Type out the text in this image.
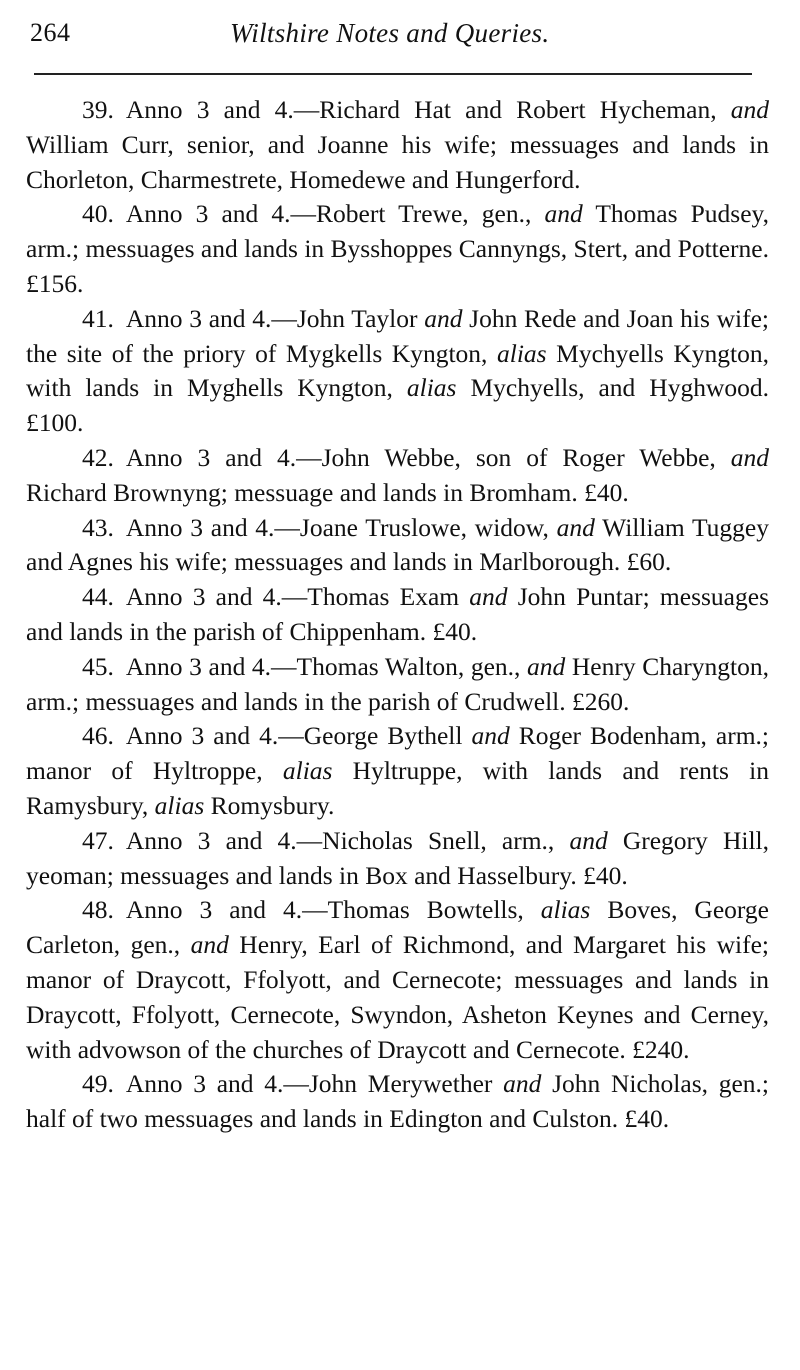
264	Wiltshire Notes and Queries.

39. Anno 3 and 4.—Richard Hat and Robert Hycheman, and William Curr, senior, and Joanne his wife; messuages and lands in Chorleton, Charmestrete, Homedewe and Hungerford.

40. Anno 3 and 4.—Robert Trewe, gen., and Thomas Pudsey, arm.; messuages and lands in Bysshoppes Cannyngs, Stert, and Potterne. £156.

41. Anno 3 and 4.—John Taylor and John Rede and Joan his wife; the site of the priory of Mygkells Kyngton, alias Mychyells Kyngton, with lands in Myghells Kyngton, alias Mychyells, and Hyghwood. £100.

42. Anno 3 and 4.—John Webbe, son of Roger Webbe, and Richard Brownyng; messuage and lands in Bromham. £40.

43. Anno 3 and 4.—Joane Truslowe, widow, and William Tuggey and Agnes his wife; messuages and lands in Marlborough. £60.

44. Anno 3 and 4.—Thomas Exam and John Puntar; messuages and lands in the parish of Chippenham. £40.

45. Anno 3 and 4.—Thomas Walton, gen., and Henry Charyngton, arm.; messuages and lands in the parish of Crudwell. £260.

46. Anno 3 and 4.—George Bythell and Roger Bodenham, arm.; manor of Hyltroppe, alias Hyltruppe, with lands and rents in Ramysbury, alias Romysbury.

47. Anno 3 and 4.—Nicholas Snell, arm., and Gregory Hill, yeoman; messuages and lands in Box and Hasselbury. £40.

48. Anno 3 and 4.—Thomas Bowtells, alias Boves, George Carleton, gen., and Henry, Earl of Richmond, and Margaret his wife; manor of Draycott, Ffolyott, and Cernecote; messuages and lands in Draycott, Ffolyott, Cernecote, Swyndon, Asheton Keynes and Cerney, with advowson of the churches of Draycott and Cernecote. £240.

49. Anno 3 and 4.—John Merywether and John Nicholas, gen.; half of two messuages and lands in Edington and Culston. £40.
